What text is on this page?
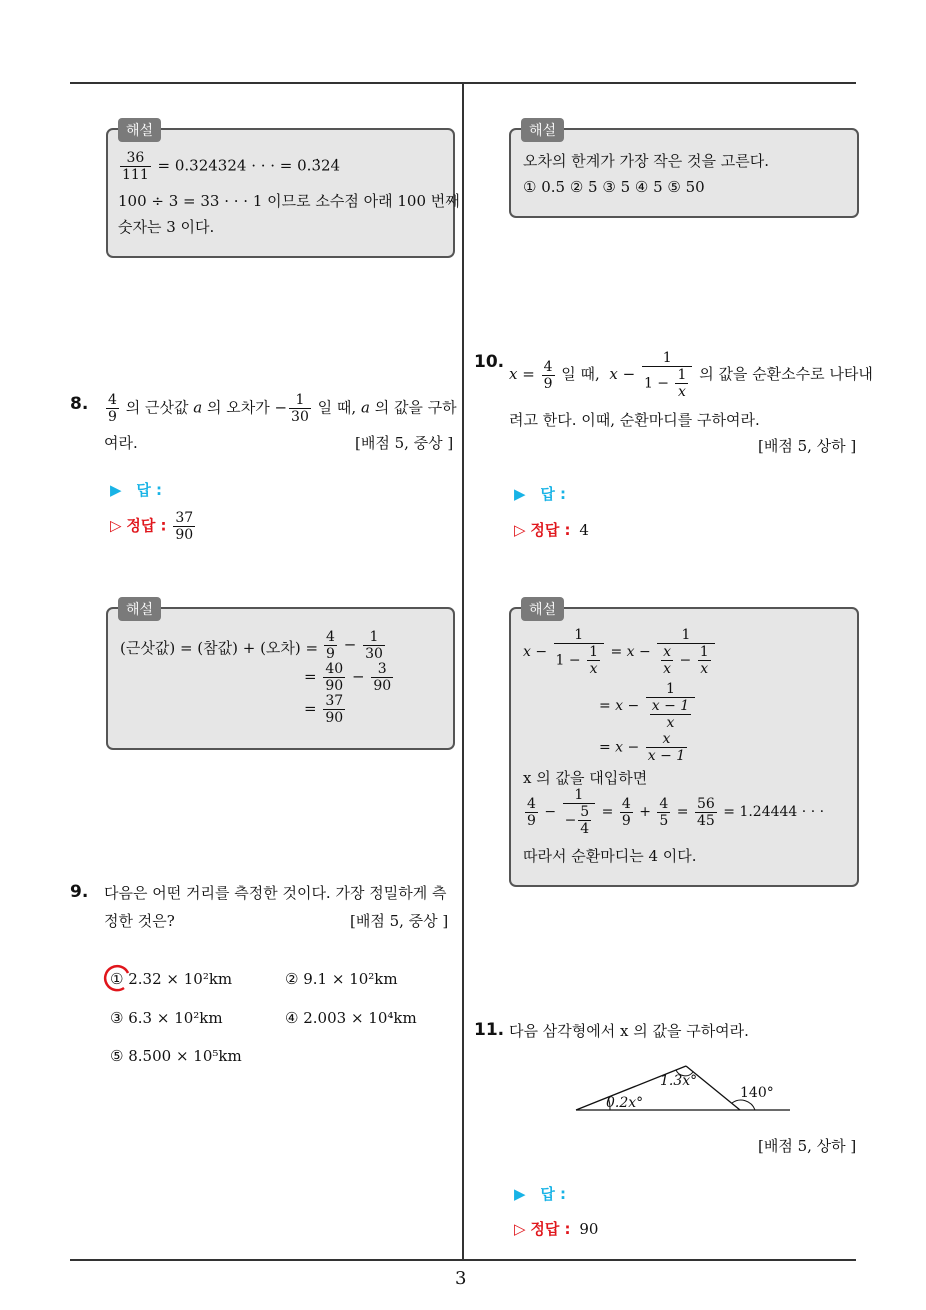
3
해설
$\frac{36}{111} = 0.324324$ · · · = 0.3̇24̇
100 ÷ 3 = 33 · · · 1 이므로 소수점 아래 100 번째
숫자는 3 이다.
8. $\frac{4}{9}$ 의 근삿값 a 의 오차가 − $\frac{1}{30}$ 일 때, a 의 값을 구하
여라.	[배점 5, 중상 ]
▶ 답 :
▷ 정답 : $\frac{37}{90}$
해설
(근삿값) = (참값) + (오차) = $\frac{4}{9} - \frac{1}{30}$
= $\frac{40}{90} - \frac{3}{90}$
= $\frac{37}{90}$
9. 다음은 어떤 거리를 측정한 것이다. 가장 정밀하게 측
정한 것은?	[배점 5, 중상 ]
① 2.32 × 10²km	② 9.1 × 10²km
③ 6.3 × 10²km	④ 2.003 × 10⁴km
⑤ 8.500 × 10⁵km
해설
오차의 한계가 가장 작은 것을 고른다.
① 0.5 ② 5 ③ 5 ④ 5 ⑤ 50
10.
$x = \frac{4}{9}$ 일 때, $x - \frac{1}{1 - \frac{1}{x}}$ 의 값을 순환소수로 나타내
려고 한다. 이때, 순환마디를 구하여라.
[배점 5, 상하 ]
▶ 답 :
▷ 정답 : 4
해설
$x - \frac{1}{1 - \frac{1}{x}} = x - \frac{1}{\frac{x}{x} - \frac{1}{x}}$
= $x - \frac{1}{\frac{x - 1}{x}}$
= $x - \frac{x}{x - 1}$
x 의 값을 대입하면
$\frac{4}{9} - \frac{1}{- \frac{5}{4}} = \frac{4}{9} + \frac{4}{5} = \frac{56}{45} = 1.24444$ · · ·
따라서 순환마디는 4 이다.
11. 다음 삼각형에서 x 의 값을 구하여라.
1.3x°
0.2x°
140°
[배점 5, 상하 ]
▶ 답 :
▷ 정답 : 90
